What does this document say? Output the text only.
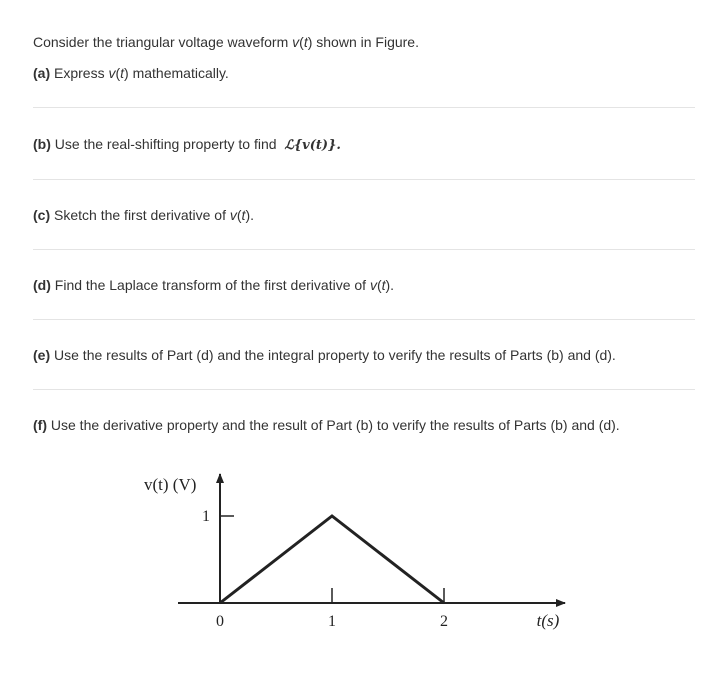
Consider the triangular voltage waveform v(t) shown in Figure.
(a) Express v(t) mathematically.
(b) Use the real-shifting property to find ℒ{v(t)}.
(c) Sketch the first derivative of v(t).
(d) Find the Laplace transform of the first derivative of v(t).
(e) Use the results of Part (d) and the integral property to verify the results of Parts (b) and (d).
(f) Use the derivative property and the result of Part (b) to verify the results of Parts (b) and (d).
v(t) (V)
1
0	1	2	t(s)
